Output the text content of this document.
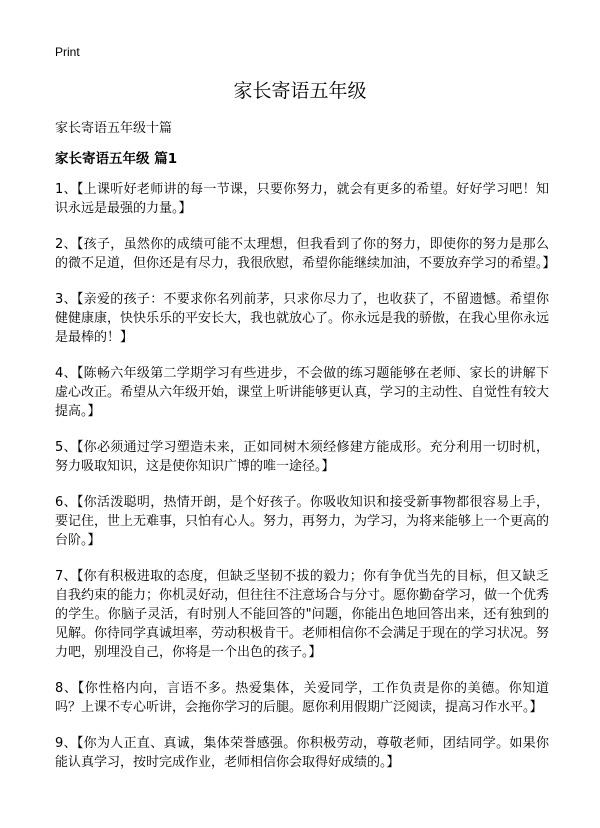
Print
家长寄语五年级

家长寄语五年级十篇

家长寄语五年级 篇1

1、【上课听好老师讲的每一节课，只要你努力，就会有更多的希望。好好学习吧！知识永远是最强的力量。】
2、【孩子，虽然你的成绩可能不太理想，但我看到了你的努力，即使你的努力是那么的微不足道，但你还是有尽力，我很欣慰，希望你能继续加油，不要放弃学习的希望。】
3、【亲爱的孩子：不要求你名列前茅，只求你尽力了，也收获了，不留遗憾。希望你健健康康，快快乐乐的平安长大，我也就放心了。你永远是我的骄傲，在我心里你永远是最棒的！】
4、【陈畅六年级第二学期学习有些进步，不会做的练习题能够在老师、家长的讲解下虚心改正。希望从六年级开始，课堂上听讲能够更认真，学习的主动性、自觉性有较大提高。】
5、【你必须通过学习塑造未来，正如同树木须经修建方能成形。充分利用一切时机，努力吸取知识，这是使你知识广博的唯一途径。】
6、【你活泼聪明，热情开朗，是个好孩子。你吸收知识和接受新事物都很容易上手，要记住，世上无难事，只怕有心人。努力，再努力，为学习，为将来能够上一个更高的台阶。】
7、【你有积极进取的态度，但缺乏坚韧不拔的毅力；你有争优当先的目标，但又缺乏自我约束的能力；你机灵好动，但往往不注意场合与分寸。愿你勤奋学习，做一个优秀的学生。你脑子灵活，有时别人不能回答的"问题，你能出色地回答出来，还有独到的见解。你待同学真诚坦率，劳动积极肯干。老师相信你不会满足于现在的学习状况。努力吧，别埋没自己，你将是一个出色的孩子。】
8、【你性格内向，言语不多。热爱集体，关爱同学，工作负责是你的美德。你知道吗？上课不专心听讲，会拖你学习的后腿。愿你利用假期广泛阅读，提高习作水平。】
9、【你为人正直、真诚，集体荣誉感强。你积极劳动，尊敬老师，团结同学。如果你能认真学习，按时完成作业，老师相信你会取得好成绩的。】
